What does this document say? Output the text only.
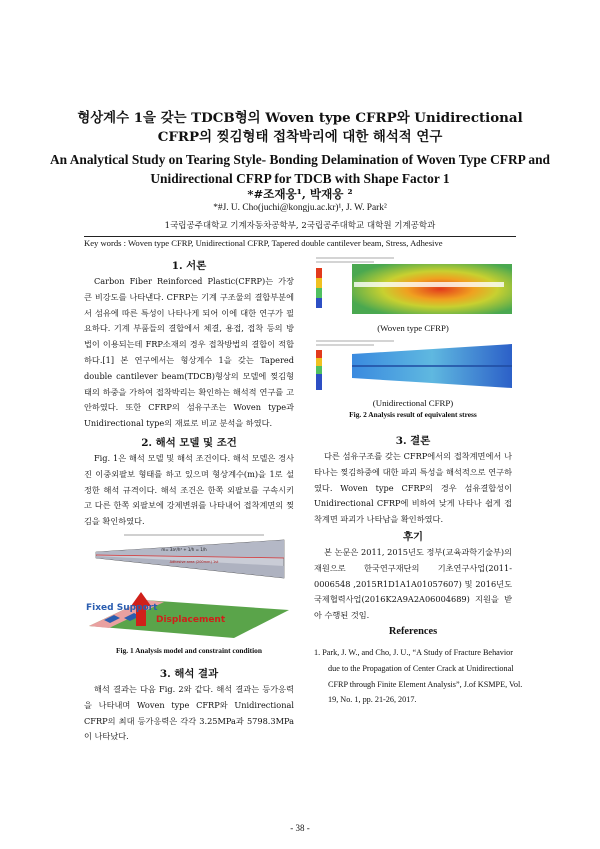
형상계수 1을 갖는 TDCB형의 Woven type CFRP와 Unidirectional CFRP의 찢김형태 접착박리에 대한 해석적 연구
An Analytical Study on Tearing Style- Bonding Delamination of Woven Type CFRP and Unidirectional CFRP for TDCB with Shape Factor 1
*#조재웅¹, 박재웅 ²
*#J. U. Cho(juchi@kongju.ac.kr)¹, J. W. Park²
1국립공주대학교 기계자동차공학부, 2국립공주대학교 대학원 기계공학과
Key words : Woven type CFRP, Unidirectional CFRP, Tapered double cantilever beam, Stress, Adhesive
1. 서론
Carbon Fiber Reinforced Plastic(CFRP)는 가장 큰 비강도를 나타낸다. CFRP는 기계 구조물의 결합부분에서 섬유에 따른 특성이 나타나게 되어 이에 대한 연구가 필요하다. 기계 부품들의 결합에서 체결, 용접, 접착 등의 방법이 이용되는데 FRP소재의 경우 접착방법의 결합이 적합하다.[1] 본 연구에서는 형상계수 1을 갖는 Tapered double cantilever beam(TDCB)형상의 모델에 찢김형태의 하중을 가하여 접착박리는 확인하는 해석적 연구를 고안하였다. 또한 CFRP의 섬유구조는 Woven type과 Unidirectional type의 재료로 비교 분석을 하였다.
2. 해석 모델 및 조건
Fig. 1은 해석 모델 및 해석 조건이다. 해석 모델은 경사진 이중외팔보 형태를 하고 있으며 형상계수(m)을 1로 설정한 해석 규격이다. 해석 조건은 한쪽 외팔보를 구속시키고 다른 한쪽 외팔보에 강제변위를 나타내어 접착계면의 찢김을 확인하였다.
m= 3a²/h³ + 1/h = 1/h
Adhesive area (200mm) 1st
Fixed Support
Displacement
Fig. 1 Analysis model and constraint condition
3. 해석 결과
해석 결과는 다음 Fig. 2와 같다. 해석 결과는 등가응력을 나타내며 Woven type CFRP와 Unidirectional CFRP의 최대 등가응력은 각각 3.25MPa과 5798.3MPa이 나타났다.
(Woven type CFRP)
(Unidirectional CFRP)
Fig. 2 Analysis result of equivalent stress
3. 결론
다른 섬유구조를 갖는 CFRP에서의 접착계면에서 나타나는 찢김하중에 대한 파괴 특성을 해석적으로 연구하였다. Woven type CFRP의 경우 섬유결합성이 Unidirectional CFRP에 비하여 낮게 나타나 쉽게 접착계면 파괴가 나타남을 확인하였다.
후기
본 논문은 2011, 2015년도 정부(교육과학기술부)의 재원으로 한국연구재단의 기초연구사업(2011-0006548 ,2015R1D1A1A01057607) 및 2016년도 국제협력사업(2016K2A9A2A06004689) 지원을 받아 수행된 것임.
References
1. Park, J. W., and Cho, J. U., “A Study of Fracture Behavior due to the Propagation of Center Crack at Unidirectional CFRP through Finite Element Analysis”, J.of KSMPE, Vol. 19, No. 1, pp. 21-26, 2017.
- 38 -
